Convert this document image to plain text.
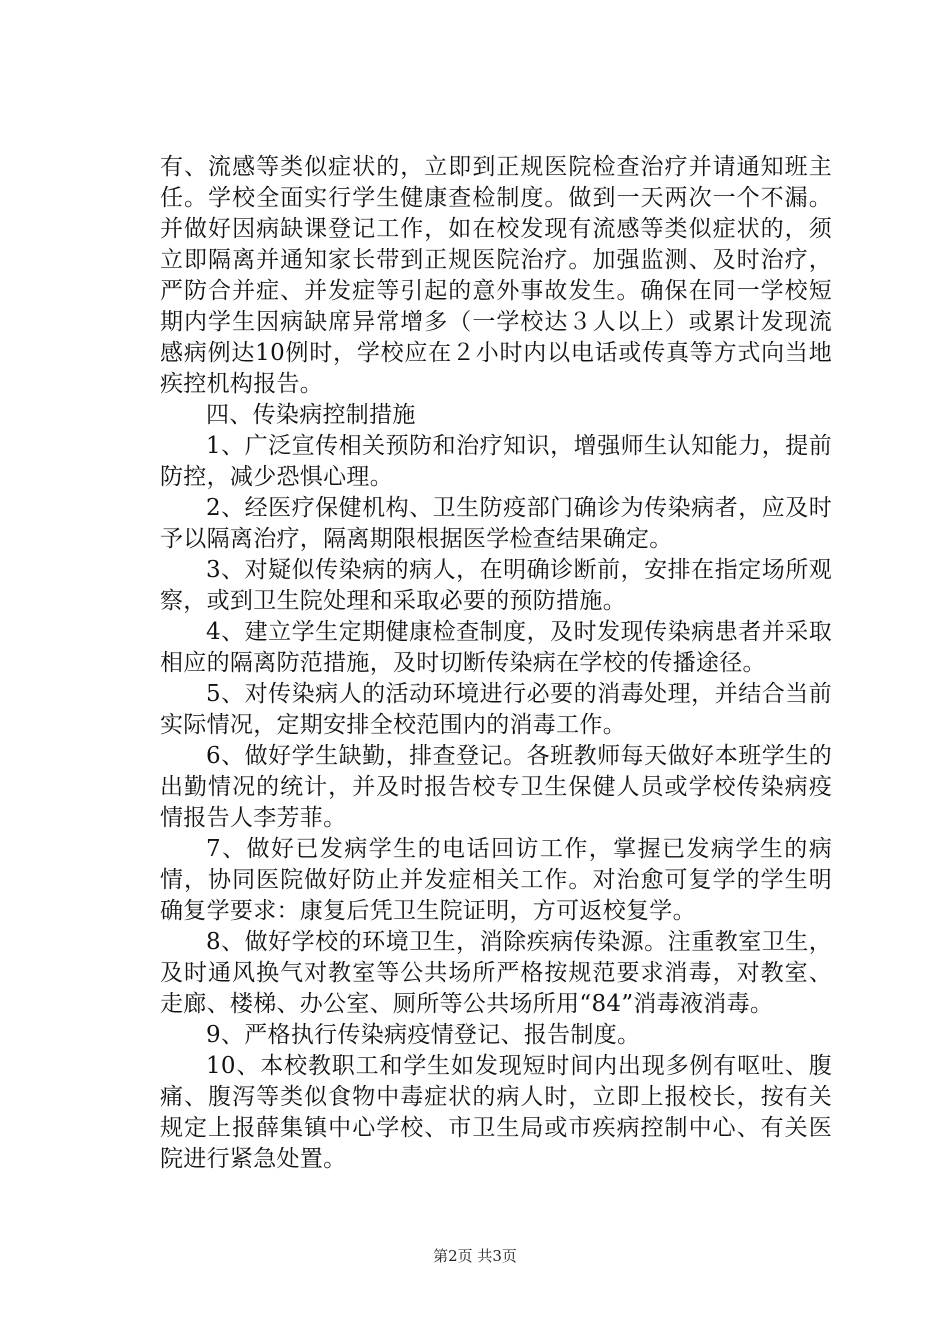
有、流感等类似症状的，立即到正规医院检查治疗并请通知班主任。学校全面实行学生健康查检制度。做到一天两次一个不漏。并做好因病缺课登记工作，如在校发现有流感等类似症状的，须立即隔离并通知家长带到正规医院治疗。加强监测、及时治疗，严防合并症、并发症等引起的意外事故发生。确保在同一学校短期内学生因病缺席异常增多（一学校达３人以上）或累计发现流感病例达10例时，学校应在２小时内以电话或传真等方式向当地疾控机构报告。

四、传染病控制措施

1、广泛宣传相关预防和治疗知识，增强师生认知能力，提前防控，减少恐惧心理。

2、经医疗保健机构、卫生防疫部门确诊为传染病者，应及时予以隔离治疗，隔离期限根据医学检查结果确定。

3、对疑似传染病的病人，在明确诊断前，安排在指定场所观察，或到卫生院处理和采取必要的预防措施。

4、建立学生定期健康检查制度，及时发现传染病患者并采取相应的隔离防范措施，及时切断传染病在学校的传播途径。

5、对传染病人的活动环境进行必要的消毒处理，并结合当前实际情况，定期安排全校范围内的消毒工作。

6、做好学生缺勤，排查登记。各班教师每天做好本班学生的出勤情况的统计，并及时报告校专卫生保健人员或学校传染病疫情报告人李芳菲。

7、做好已发病学生的电话回访工作，掌握已发病学生的病情，协同医院做好防止并发症相关工作。对治愈可复学的学生明确复学要求：康复后凭卫生院证明，方可返校复学。

8、做好学校的环境卫生，消除疾病传染源。注重教室卫生，及时通风换气对教室等公共场所严格按规范要求消毒，对教室、走廊、楼梯、办公室、厕所等公共场所用“84”消毒液消毒。

9、严格执行传染病疫情登记、报告制度。

10、本校教职工和学生如发现短时间内出现多例有呕吐、腹痛、腹泻等类似食物中毒症状的病人时，立即上报校长，按有关规定上报薛集镇中心学校、市卫生局或市疾病控制中心、有关医院进行紧急处置。

第2页 共3页
